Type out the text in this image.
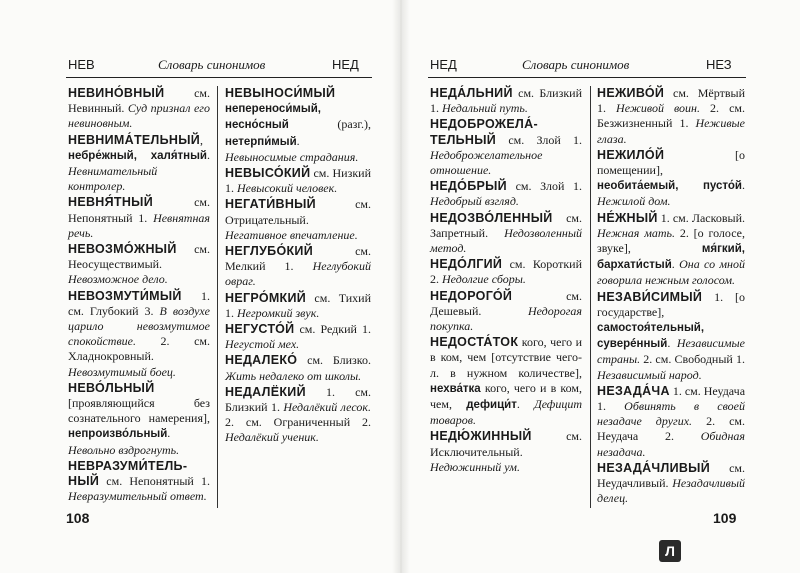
НЕВ	Словарь синонимов	НЕД
НЕВИНО́ВНЫЙ см. Невинный. Суд признал его невиновным.
НЕВНИМА́ТЕЛЬНЫЙ, небре́жный, халя́тный. Невнимательный контролер.
НЕВНЯ́ТНЫЙ см. Непонятный 1. Невнятная речь.
НЕВОЗМО́ЖНЫЙ см. Неосуществимый. Невозможное дело.
НЕВОЗМУТИ́МЫЙ 1. см. Глубокий 3. В воздухе царило невозмутимое спокойствие. 2. см. Хладнокровный. Невозмутимый боец.
НЕВО́ЛЬНЫЙ [проявляющийся без сознательного намерения], непроизво́льный. Невольно вздрогнуть.
НЕВРАЗУМИ́ТЕЛЬНЫЙ см. Непонятный 1. Невразумительный ответ.
НЕВЫНОСИ́МЫЙ непереноси́мый, несно́сный (разг.), нетерпи́мый. Невыносимые страдания.
НЕВЫСО́КИЙ см. Низкий 1. Невысокий человек.
НЕГАТИ́ВНЫЙ см. Отрицательный. Негативное впечатление.
НЕГЛУБО́КИЙ см. Мелкий 1. Неглубокий овраг.
НЕГРО́МКИЙ см. Тихий 1. Негромкий звук.
НЕГУСТО́Й см. Редкий 1. Негустой мех.
НЕДАЛЕКО́ см. Близко. Жить недалеко от школы.
НЕДАЛЁКИЙ 1. см. Близкий 1. Недалёкий лесок. 2. см. Ограниченный 2. Недалёкий ученик.
108
НЕД	Словарь синонимов	НЕЗ
НЕДА́ЛЬНИЙ см. Близкий 1. Недальний путь.
НЕДОБРОЖЕЛА́ТЕЛЬНЫЙ см. Злой 1. Недоброжелательное отношение.
НЕДО́БРЫЙ см. Злой 1. Недобрый взгляд.
НЕДОЗВО́ЛЕННЫЙ см. Запретный. Недозволенный метод.
НЕДО́ЛГИЙ см. Короткий 2. Недолгие сборы.
НЕДОРОГО́Й см. Дешевый. Недорогая покупка.
НЕДОСТА́ТОК кого, чего и в ком, чем [отсутствие чего-л. в нужном количестве], нехва́тка кого, чего и в ком, чем, дефици́т. Дефицит товаров.
НЕДЮ́ЖИННЫЙ см. Исключительный. Недюжинный ум.
НЕЖИВО́Й см. Мёртвый 1. Неживой воин. 2. см. Безжизненный 1. Неживые глаза.
НЕЖИЛО́Й [о помещении], необита́емый, пусто́й. Нежилой дом.
НЕ́ЖНЫЙ 1. см. Ласковый. Нежная мать. 2. [о голосе, звуке], мя́гкий, бархати́стый. Она со мной говорила нежным голосом.
НЕЗАВИ́СИМЫЙ 1. [о государстве], самостоя́тельный, суверéнный. Независимые страны. 2. см. Свободный 1. Независимый народ.
НЕЗАДА́ЧА 1. см. Неудача 1. Обвинять в своей незадаче других. 2. см. Неудача 2. Обидная незадача.
НЕЗАДА́ЧЛИВЫЙ см. Неудачливый. Незадачливый делец.
109
Л
